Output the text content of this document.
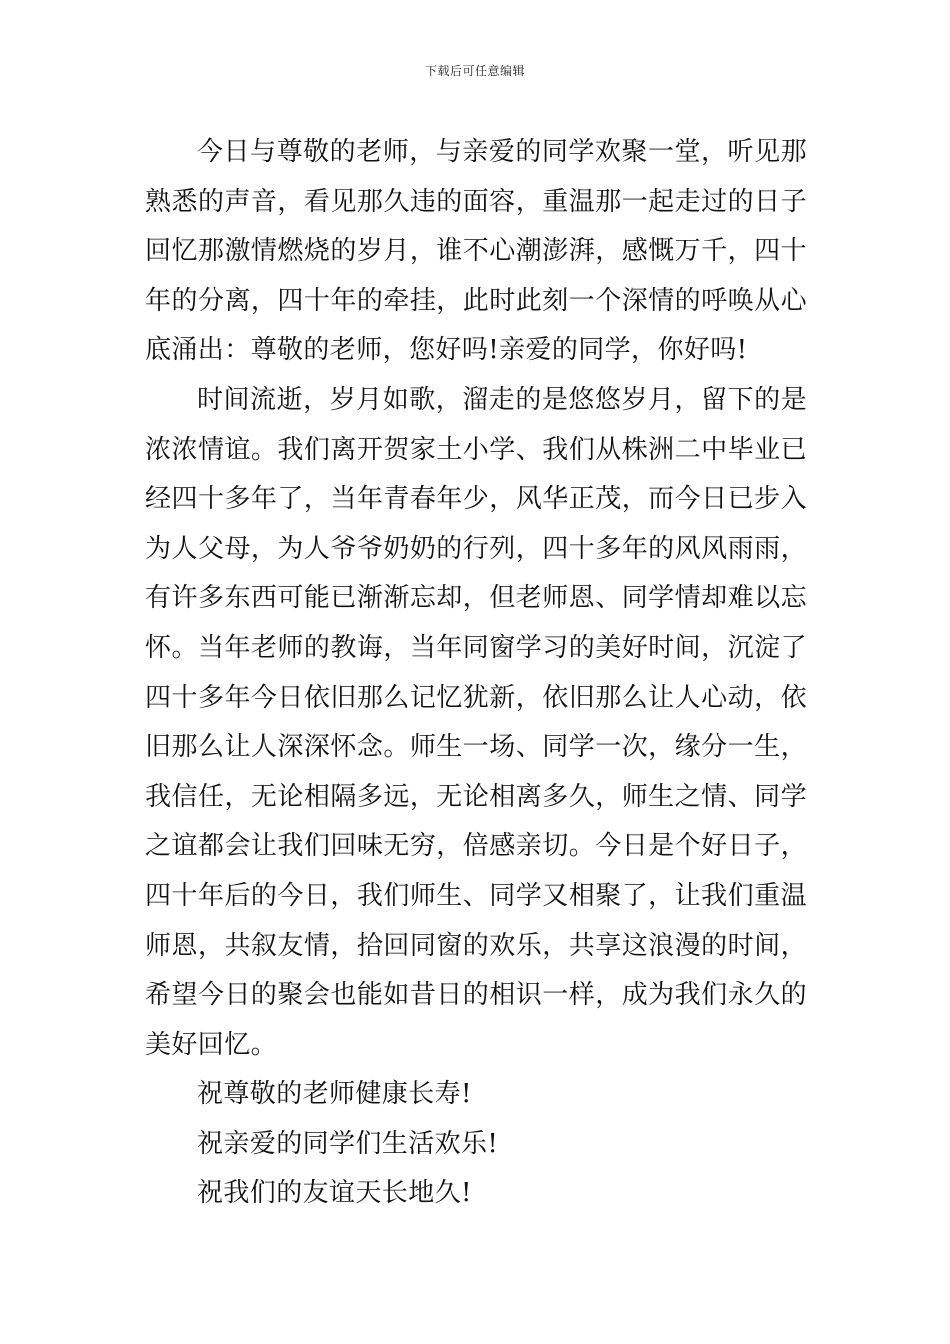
下载后可任意编辑

今日与尊敬的老师，与亲爱的同学欢聚一堂，听见那熟悉的声音，看见那久违的面容，重温那一起走过的日子回忆那激情燃烧的岁月，谁不心潮澎湃，感慨万千，四十年的分离，四十年的牵挂，此时此刻一个深情的呼唤从心底涌出：尊敬的老师，您好吗!亲爱的同学，你好吗!

时间流逝，岁月如歌，溜走的是悠悠岁月，留下的是浓浓情谊。我们离开贺家土小学、我们从株洲二中毕业已经四十多年了，当年青春年少，风华正茂，而今日已步入为人父母，为人爷爷奶奶的行列，四十多年的风风雨雨，有许多东西可能已渐渐忘却，但老师恩、同学情却难以忘怀。当年老师的教诲，当年同窗学习的美好时间，沉淀了四十多年今日依旧那么记忆犹新，依旧那么让人心动，依旧那么让人深深怀念。师生一场、同学一次，缘分一生，我信任，无论相隔多远，无论相离多久，师生之情、同学之谊都会让我们回味无穷，倍感亲切。今日是个好日子，四十年后的今日，我们师生、同学又相聚了，让我们重温师恩，共叙友情，拾回同窗的欢乐，共享这浪漫的时间，希望今日的聚会也能如昔日的相识一样，成为我们永久的美好回忆。

祝尊敬的老师健康长寿!

祝亲爱的同学们生活欢乐!

祝我们的友谊天长地久!
